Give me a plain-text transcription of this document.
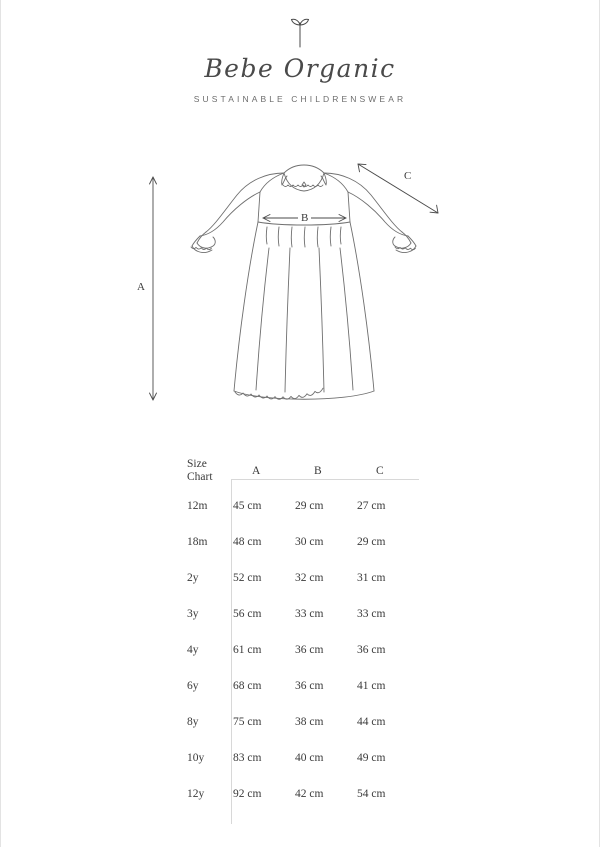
Bebe Organic
SUSTAINABLE CHILDRENSWEAR
A
B
C
Size
Chart	A	B	C
12m	45 cm	29 cm	27 cm
18m	48 cm	30 cm	29 cm
2y	52 cm	32 cm	31 cm
3y	56 cm	33 cm	33 cm
4y	61 cm	36 cm	36 cm
6y	68 cm	36 cm	41 cm
8y	75 cm	38 cm	44 cm
10y	83 cm	40 cm	49 cm
12y	92 cm	42 cm	54 cm
